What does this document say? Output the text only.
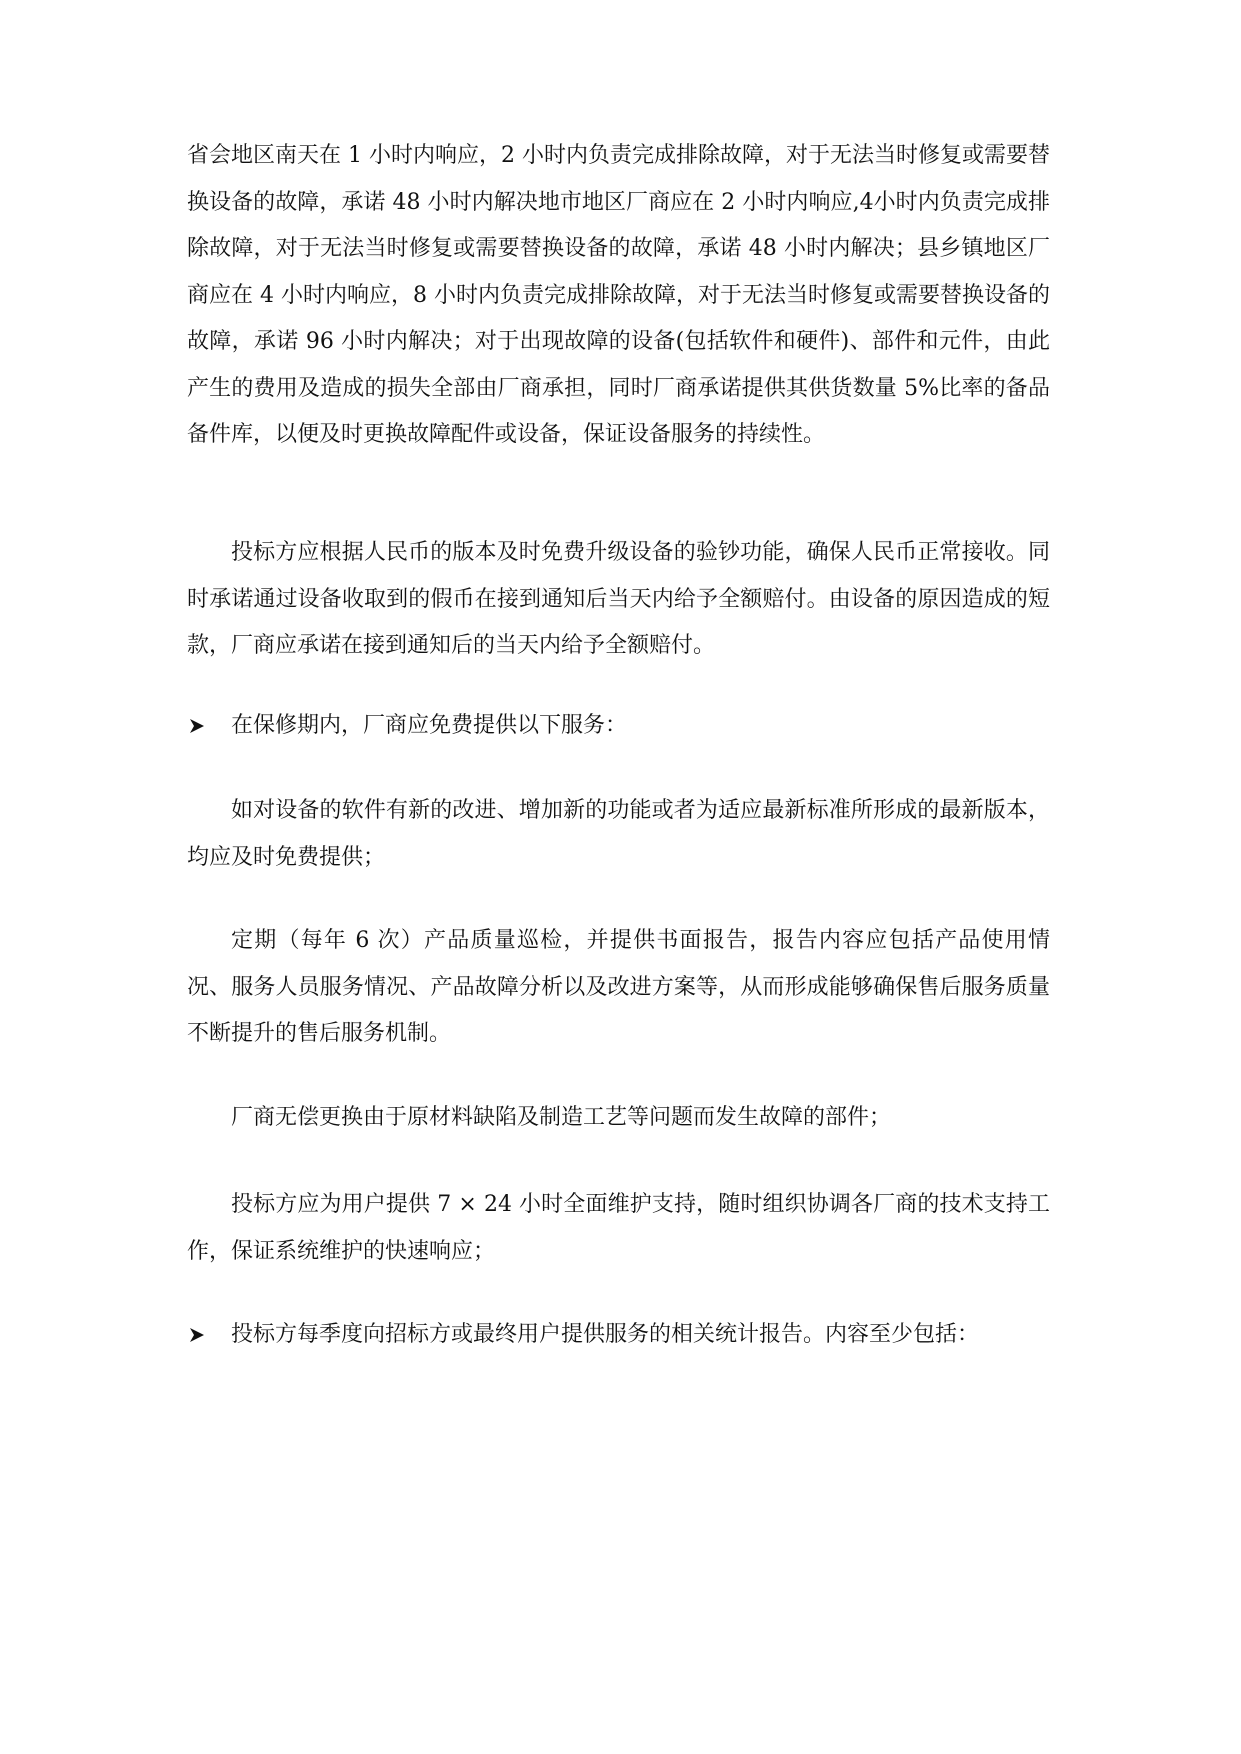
省会地区南天在 1 小时内响应，2 小时内负责完成排除故障，对于无法当时修复或需要替换设备的故障，承诺 48 小时内解决地市地区厂商应在 2 小时内响应,4小时内负责完成排除故障，对于无法当时修复或需要替换设备的故障，承诺 48 小时内解决；县乡镇地区厂商应在 4 小时内响应，8 小时内负责完成排除故障，对于无法当时修复或需要替换设备的故障，承诺 96 小时内解决；对于出现故障的设备(包括软件和硬件)、部件和元件，由此产生的费用及造成的损失全部由厂商承担，同时厂商承诺提供其供货数量 5%比率的备品备件库，以便及时更换故障配件或设备，保证设备服务的持续性。

投标方应根据人民币的版本及时免费升级设备的验钞功能，确保人民币正常接收。同时承诺通过设备收取到的假币在接到通知后当天内给予全额赔付。由设备的原因造成的短款，厂商应承诺在接到通知后的当天内给予全额赔付。

在保修期内，厂商应免费提供以下服务：

如对设备的软件有新的改进、增加新的功能或者为适应最新标准所形成的最新版本，均应及时免费提供；

定期（每年 6 次）产品质量巡检，并提供书面报告，报告内容应包括产品使用情况、服务人员服务情况、产品故障分析以及改进方案等，从而形成能够确保售后服务质量不断提升的售后服务机制。

厂商无偿更换由于原材料缺陷及制造工艺等问题而发生故障的部件；

投标方应为用户提供 7 × 24 小时全面维护支持，随时组织协调各厂商的技术支持工作，保证系统维护的快速响应；

投标方每季度向招标方或最终用户提供服务的相关统计报告。内容至少包括：
